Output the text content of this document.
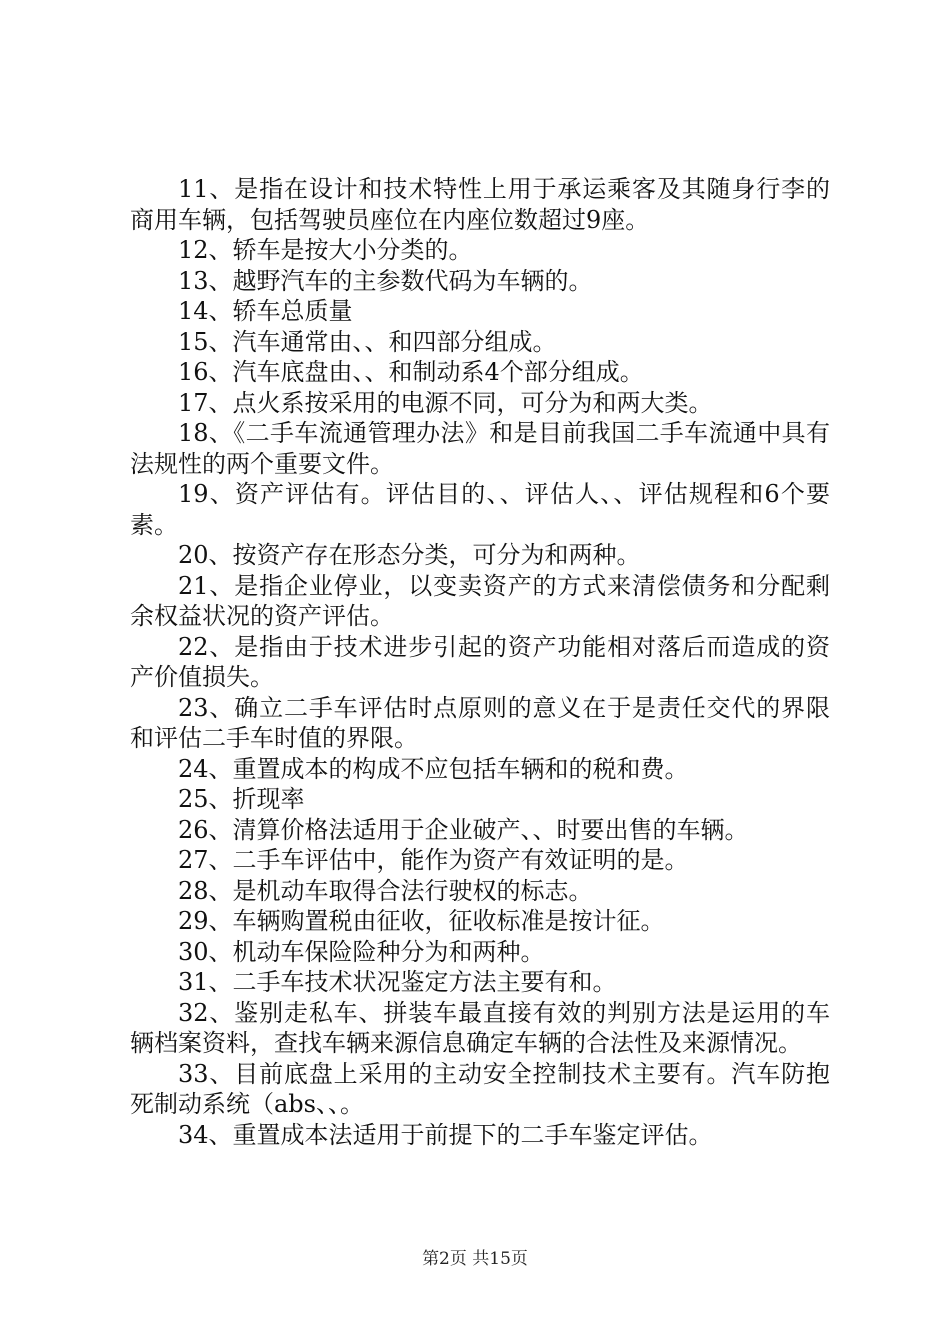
11、是指在设计和技术特性上用于承运乘客及其随身行李的商用车辆，包括驾驶员座位在内座位数超过9座。

12、轿车是按大小分类的。

13、越野汽车的主参数代码为车辆的。

14、轿车总质量

15、汽车通常由、、和四部分组成。

16、汽车底盘由、、和制动系4个部分组成。

17、点火系按采用的电源不同，可分为和两大类。

18、《二手车流通管理办法》和是目前我国二手车流通中具有法规性的两个重要文件。

19、资产评估有。评估目的、、评估人、、评估规程和6个要素。

20、按资产存在形态分类，可分为和两种。

21、是指企业停业，以变卖资产的方式来清偿债务和分配剩余权益状况的资产评估。

22、是指由于技术进步引起的资产功能相对落后而造成的资产价值损失。

23、确立二手车评估时点原则的意义在于是责任交代的界限和评估二手车时值的界限。

24、重置成本的构成不应包括车辆和的税和费。

25、折现率

26、清算价格法适用于企业破产、、时要出售的车辆。

27、二手车评估中，能作为资产有效证明的是。

28、是机动车取得合法行驶权的标志。

29、车辆购置税由征收，征收标准是按计征。

30、机动车保险险种分为和两种。

31、二手车技术状况鉴定方法主要有和。

32、鉴别走私车、拼装车最直接有效的判别方法是运用的车辆档案资料，查找车辆来源信息确定车辆的合法性及来源情况。

33、目前底盘上采用的主动安全控制技术主要有。汽车防抱死制动系统（abs、、。

34、重置成本法适用于前提下的二手车鉴定评估。

第2页 共15页
